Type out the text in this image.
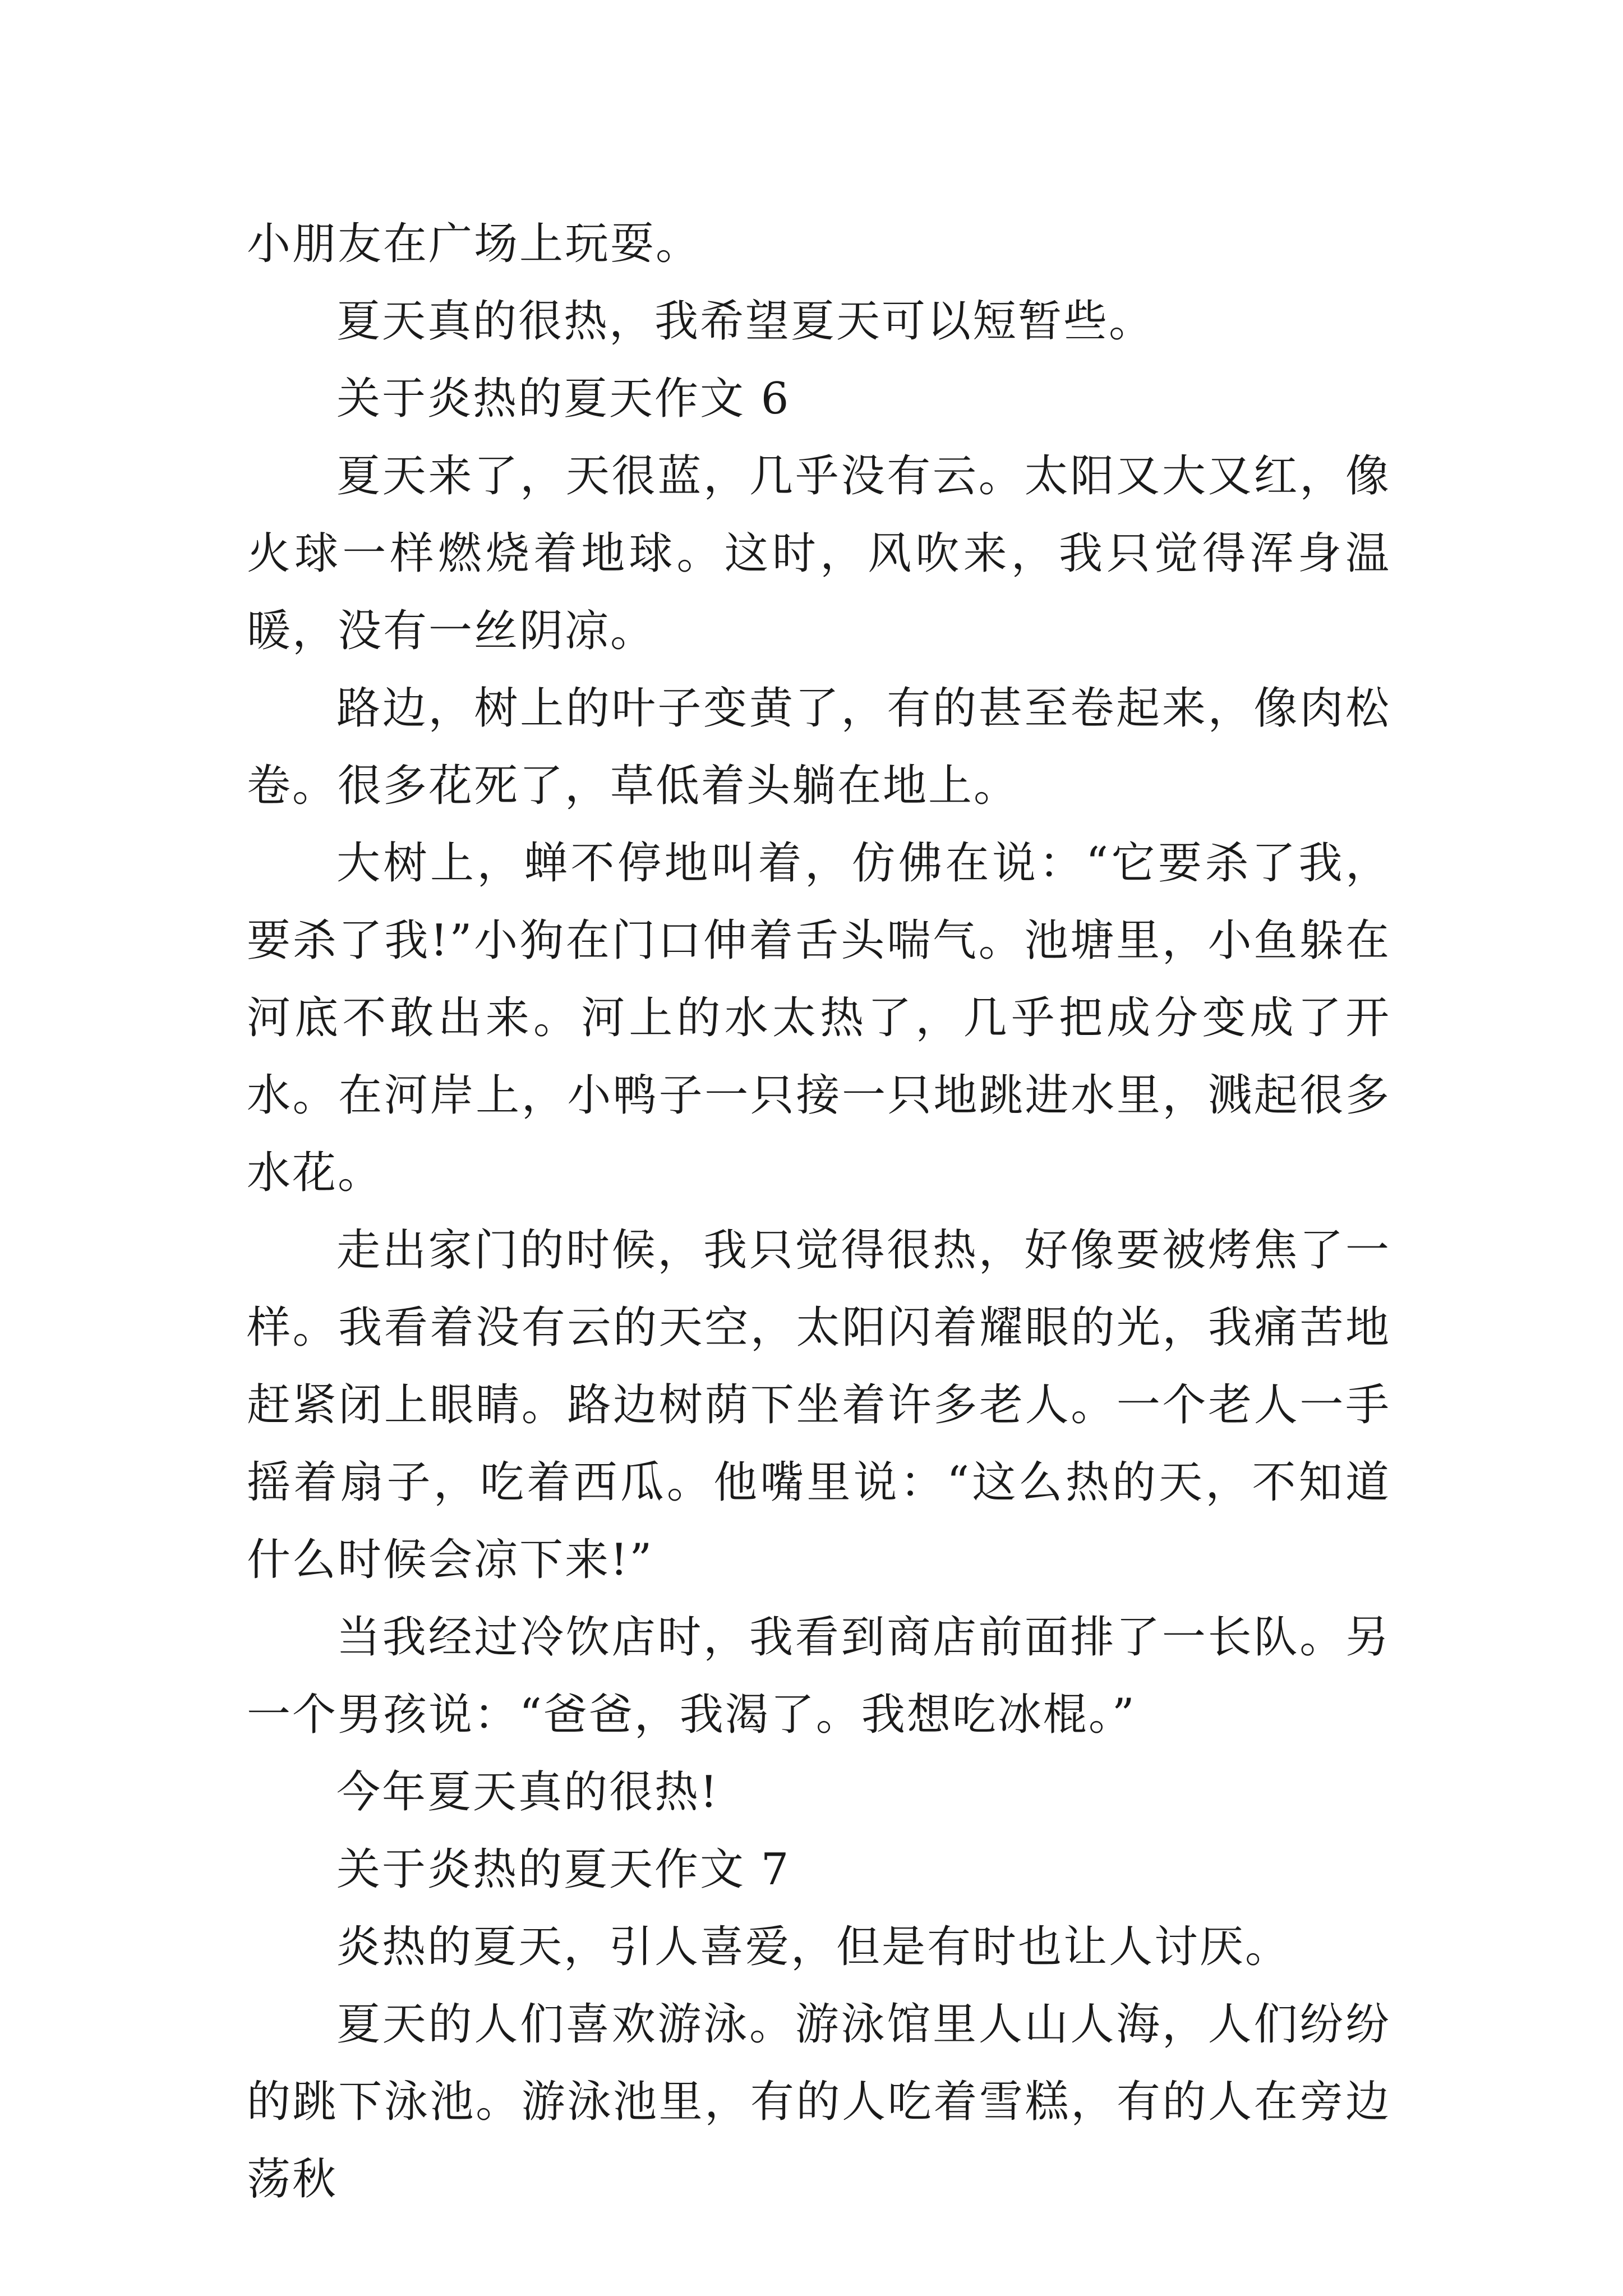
小朋友在广场上玩耍。

夏天真的很热，我希望夏天可以短暂些。

关于炎热的夏天作文 6

夏天来了，天很蓝，几乎没有云。太阳又大又红，像火球一样燃烧着地球。这时，风吹来，我只觉得浑身温暖，没有一丝阴凉。

路边，树上的叶子变黄了，有的甚至卷起来，像肉松卷。很多花死了，草低着头躺在地上。

大树上，蝉不停地叫着，仿佛在说：“它要杀了我，要杀了我!”小狗在门口伸着舌头喘气。池塘里，小鱼躲在河底不敢出来。河上的水太热了，几乎把成分变成了开水。在河岸上，小鸭子一只接一只地跳进水里，溅起很多水花。

走出家门的时候，我只觉得很热，好像要被烤焦了一样。我看着没有云的天空，太阳闪着耀眼的光，我痛苦地赶紧闭上眼睛。路边树荫下坐着许多老人。一个老人一手摇着扇子，吃着西瓜。他嘴里说：“这么热的天，不知道什么时候会凉下来!”

当我经过冷饮店时，我看到商店前面排了一长队。另一个男孩说：“爸爸，我渴了。我想吃冰棍。”

今年夏天真的很热!

关于炎热的夏天作文 7

炎热的夏天，引人喜爱，但是有时也让人讨厌。

夏天的人们喜欢游泳。游泳馆里人山人海，人们纷纷的跳下泳池。游泳池里，有的人吃着雪糕，有的人在旁边荡秋
